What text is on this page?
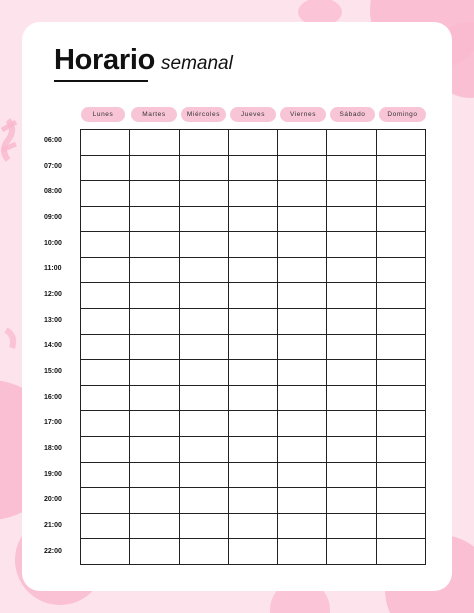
Horario semanal
Lunes	Martes	Miércoles	Jueves	Viernes	Sábado	Domingo
06:00
07:00
08:00
09:00
10:00
11:00
12:00
13:00
14:00
15:00
16:00
17:00
18:00
19:00
20:00
21:00
22:00
